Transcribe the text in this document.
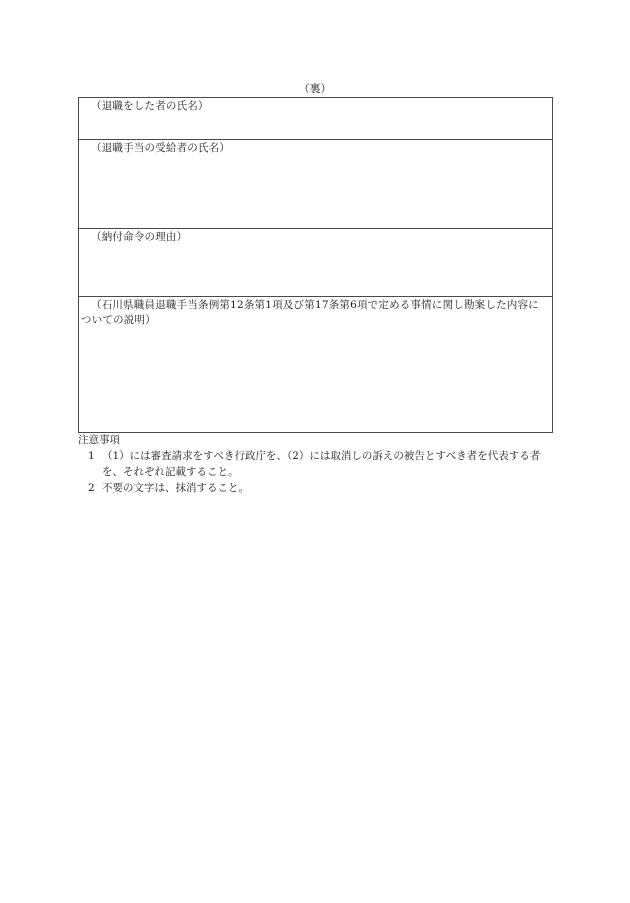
（裏）
（退職をした者の氏名）
（退職手当の受給者の氏名）
（納付命令の理由）
（石川県職員退職手当条例第12条第1項及び第17条第6項で定める事情に関し勘案した内容についての説明）
注意事項
1 （1）には審査請求をすべき行政庁を、（2）には取消しの訴えの被告とすべき者を代表する者を、それぞれ記載すること。
2 不要の文字は、抹消すること。
